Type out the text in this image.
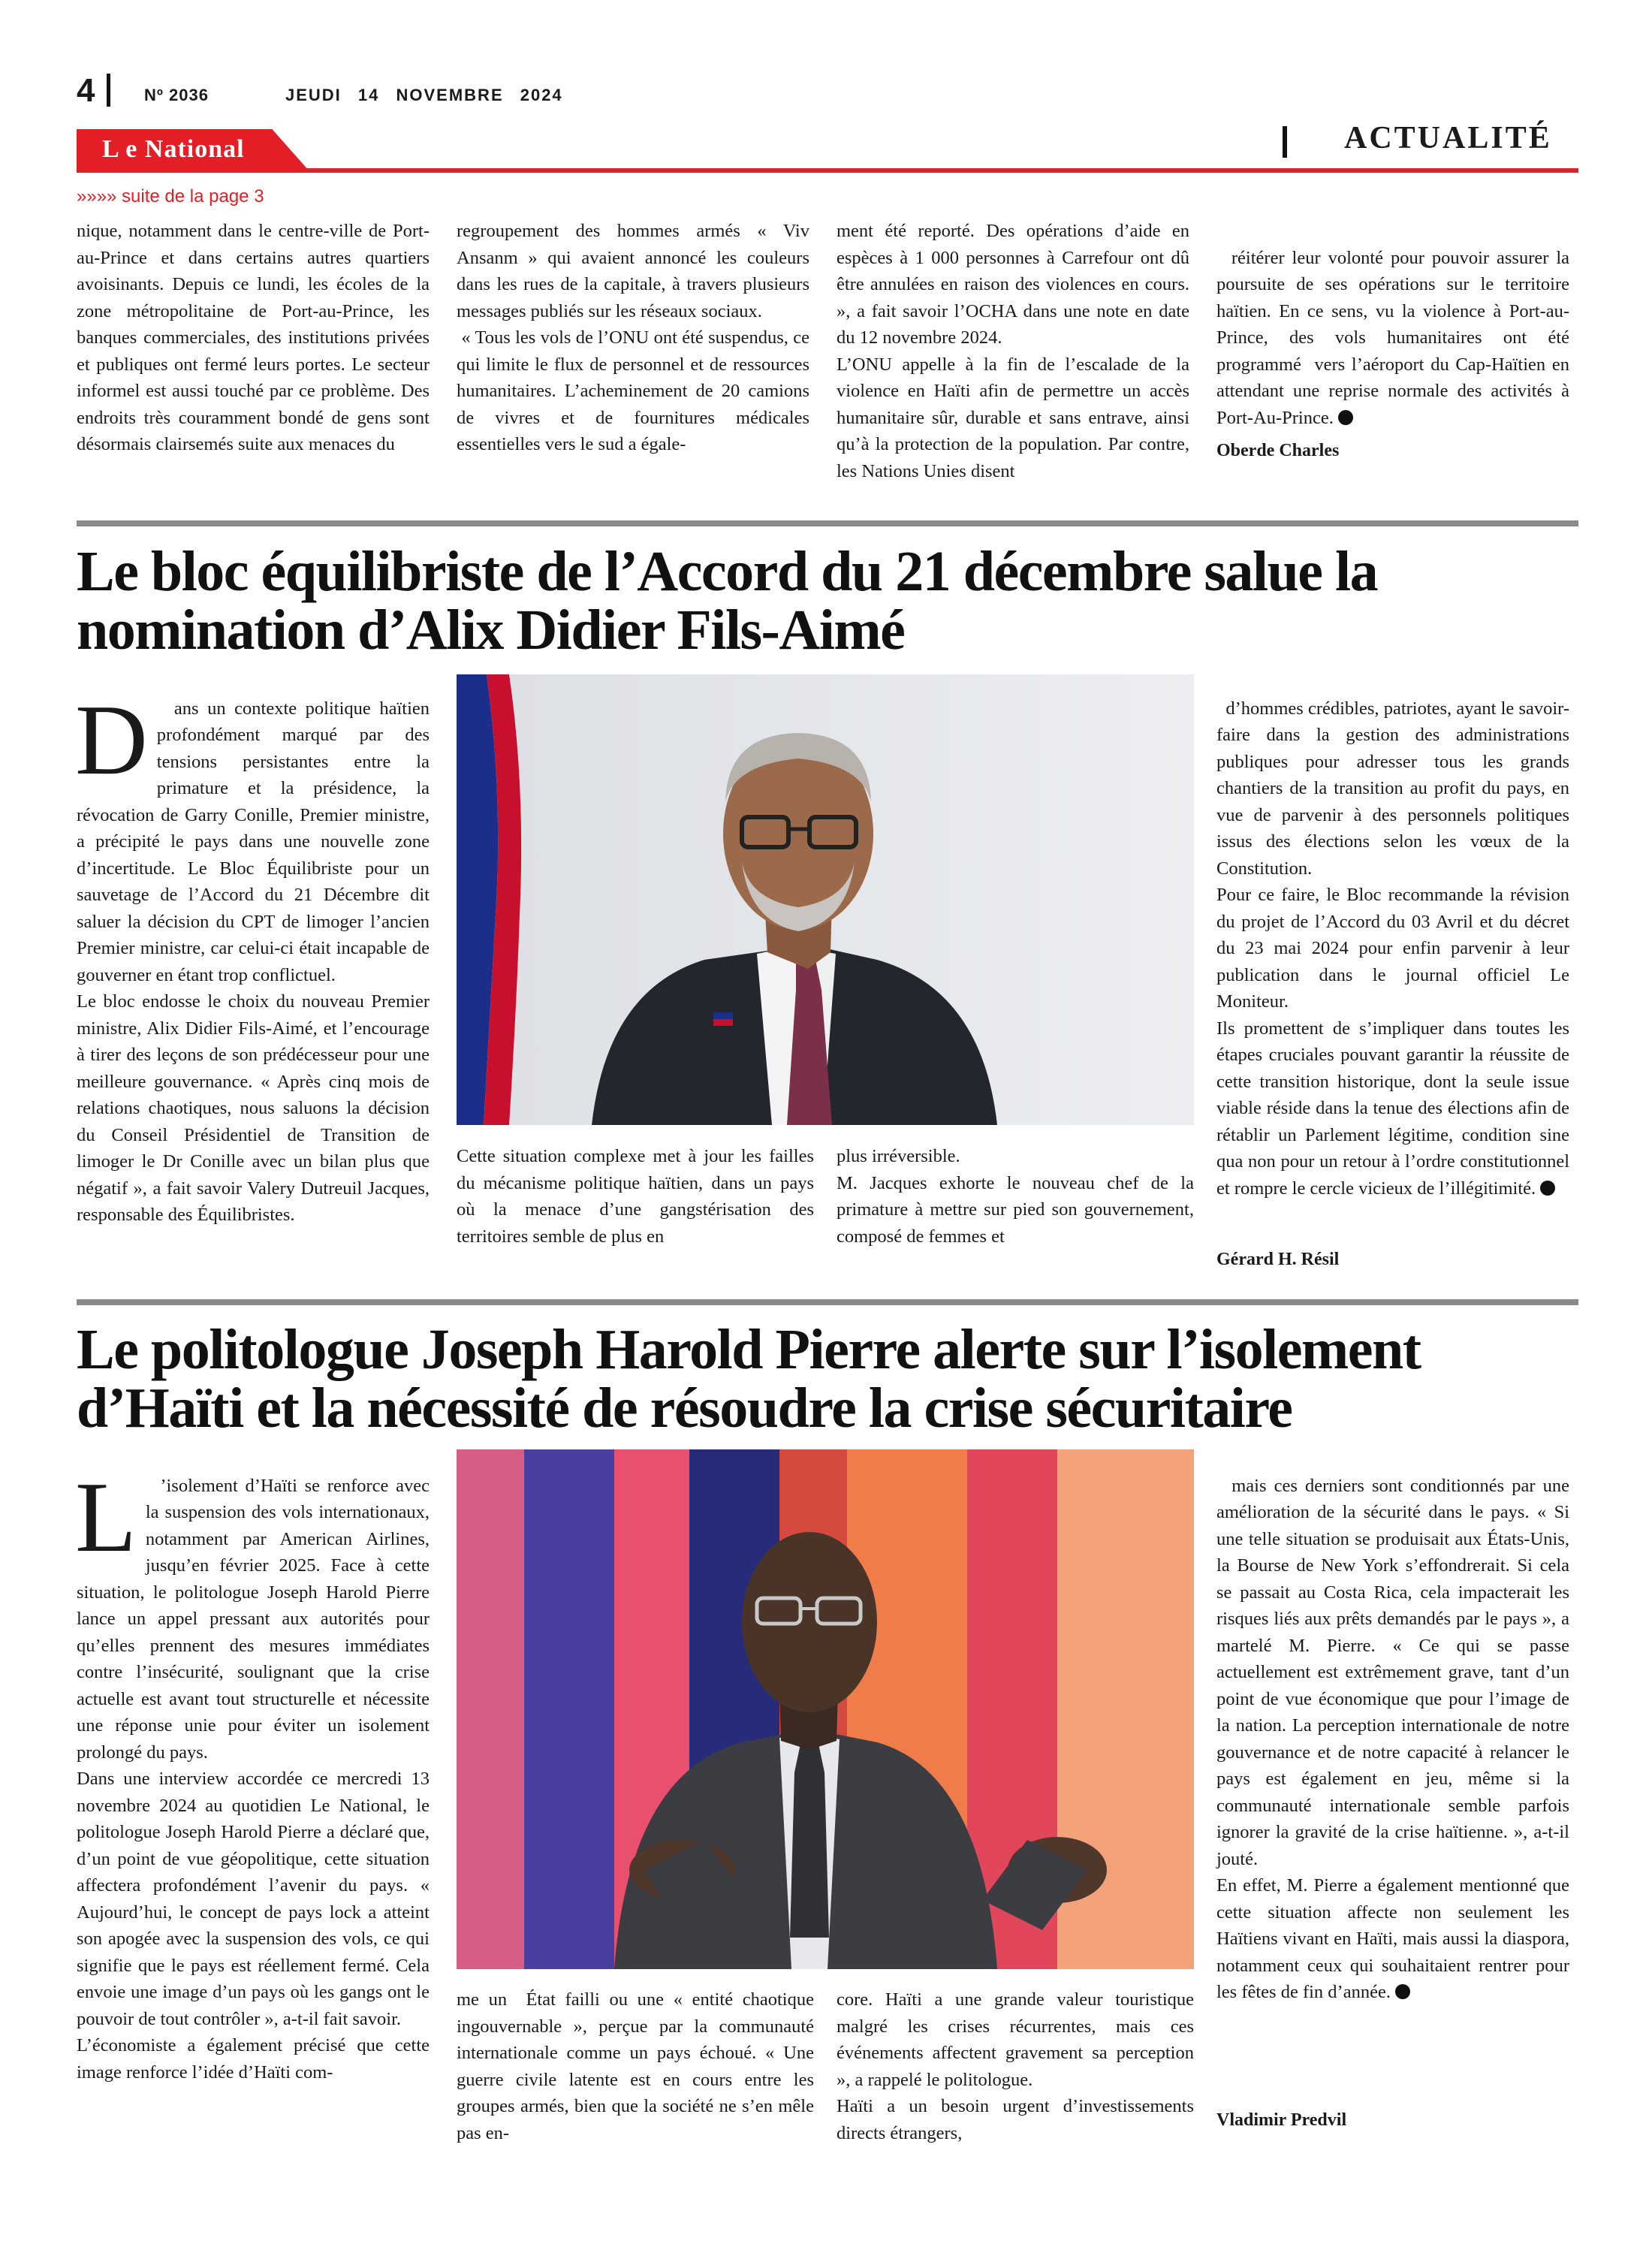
4	Nº 2036	JEUDI 14 NOVEMBRE 2024
L e National	ACTUALITÉ
»»»» suite de la page 3
nique, notamment dans le centre-ville de Port-au-Prince et dans certains autres quartiers avoisinants. Depuis ce lundi, les écoles de la zone métropolitaine de Port-au-Prince, les banques commerciales, des institutions privées et publiques ont fermé leurs portes. Le secteur informel est aussi touché par ce problème. Des endroits très couramment bondé de gens sont désormais clairsemés suite aux menaces du
regroupement des hommes armés « Viv Ansanm » qui avaient annoncé les couleurs dans les rues de la capitale, à travers plusieurs messages publiés sur les réseaux sociaux.
« Tous les vols de l’ONU ont été suspendus, ce qui limite le flux de personnel et de ressources humanitaires. L’acheminement de 20 camions de vivres et de fournitures médicales essentielles vers le sud a égale-
ment été reporté. Des opérations d’aide en espèces à 1 000 personnes à Carrefour ont dû être annulées en raison des violences en cours. », a fait savoir l’OCHA dans une note en date du 12 novembre 2024.
L’ONU appelle à la fin de l’escalade de la violence en Haïti afin de permettre un accès humanitaire sûr, durable et sans entrave, ainsi qu’à la protection de la population. Par contre, les Nations Unies disent

réitérer leur volonté pour pouvoir assurer la poursuite de ses opérations sur le territoire haïtien. En ce sens, vu la violence à Port-au-Prince, des vols humanitaires ont été programmé  vers l’aéroport du Cap-Haïtien en attendant une reprise normale des activités à Port-Au-Prince.

Oberde Charles
Le bloc équilibriste de l’Accord du 21 décembre salue la
nomination d’Alix Didier Fils-Aimé

D ans un contexte politique haïtien profondément marqué par des tensions persistantes entre la primature et la présidence, la révocation de Garry Conille, Premier ministre, a précipité le pays dans une nouvelle zone d’incertitude. Le Bloc Équilibriste pour un sauvetage de l’Accord du 21 Décembre dit saluer la décision du CPT de limoger l’ancien Premier ministre, car celui-ci était incapable de gouverner en étant trop conflictuel.
Le bloc endosse le choix du nouveau Premier ministre, Alix Didier Fils-Aimé, et l’encourage à tirer des leçons de son prédécesseur pour une meilleure gouvernance. « Après cinq mois de relations chaotiques, nous saluons la décision du Conseil Présidentiel de Transition de limoger le Dr Conille avec un bilan plus que négatif », a fait savoir Valery Dutreuil Jacques, responsable des Équilibristes.

Cette situation complexe met à jour les failles du mécanisme politique haïtien, dans un pays où la menace d’une gangstérisation des territoires semble de plus en
plus irréversible.
M. Jacques exhorte le nouveau chef de la primature à mettre sur pied son gouvernement, composé de femmes et

d’hommes crédibles, patriotes, ayant le savoir-faire dans la gestion des administrations publiques pour adresser tous les grands chantiers de la transition au profit du pays, en vue de parvenir à des personnels politiques issus des élections selon les vœux de la Constitution.
Pour ce faire, le Bloc recommande la révision du projet de l’Accord du 03 Avril et du décret du 23 mai 2024 pour enfin parvenir à leur publication dans le journal officiel Le Moniteur.
Ils promettent de s’impliquer dans toutes les étapes cruciales pouvant garantir la réussite de cette transition historique, dont la seule issue viable réside dans la tenue des élections afin de rétablir un Parlement légitime, condition sine qua non pour un retour à l’ordre constitutionnel et rompre le cercle vicieux de l’illégitimité.

Gérard H. Résil
Le politologue Joseph Harold Pierre alerte sur l’isolement
d’Haïti et la nécessité de résoudre la crise sécuritaire

L ’isolement d’Haïti se renforce avec la suspension des vols internationaux, notamment par American Airlines, jusqu’en février 2025. Face à cette situation, le politologue Joseph Harold Pierre lance un appel pressant aux autorités pour qu’elles prennent des mesures immédiates contre l’insécurité, soulignant que la crise actuelle est avant tout structurelle et nécessite une réponse unie pour éviter un isolement prolongé du pays.
Dans une interview accordée ce mercredi 13 novembre 2024 au quotidien Le National, le politologue Joseph Harold Pierre a déclaré que, d’un point de vue géopolitique, cette situation affectera profondément l’avenir du pays. « Aujourd’hui, le concept de pays lock a atteint son apogée avec la suspension des vols, ce qui signifie que le pays est réellement fermé. Cela envoie une image d’un pays où les gangs ont le pouvoir de tout contrôler », a-t-il fait savoir.
L’économiste a également précisé que cette image renforce l’idée d’Haïti com-

me un  État failli ou une « entité chaotique ingouvernable », perçue par la communauté internationale comme un pays échoué. « Une guerre civile latente est en cours entre les groupes armés, bien que la société ne s’en mêle pas en-
core. Haïti a une grande valeur touristique malgré les crises récurrentes, mais ces événements affectent gravement sa perception », a rappelé le politologue.
Haïti a un besoin urgent d’investissements directs étrangers,

mais ces derniers sont conditionnés par une amélioration de la sécurité dans le pays. « Si une telle situation se produisait aux États-Unis, la Bourse de New York s’effondrerait. Si cela se passait au Costa Rica, cela impacterait les risques liés aux prêts demandés par le pays », a martelé M. Pierre. « Ce qui se passe actuellement est extrêmement grave, tant d’un point de vue économique que pour l’image de la nation. La perception internationale de notre gouvernance et de notre capacité à relancer le pays est également en jeu, même si la communauté internationale semble parfois ignorer la gravité de la crise haïtienne. », a-t-il jouté.
En effet, M. Pierre a également mentionné que cette situation affecte non seulement les Haïtiens vivant en Haïti, mais aussi la diaspora, notamment ceux qui souhaitaient rentrer pour les fêtes de fin d’année.

Vladimir Predvil
